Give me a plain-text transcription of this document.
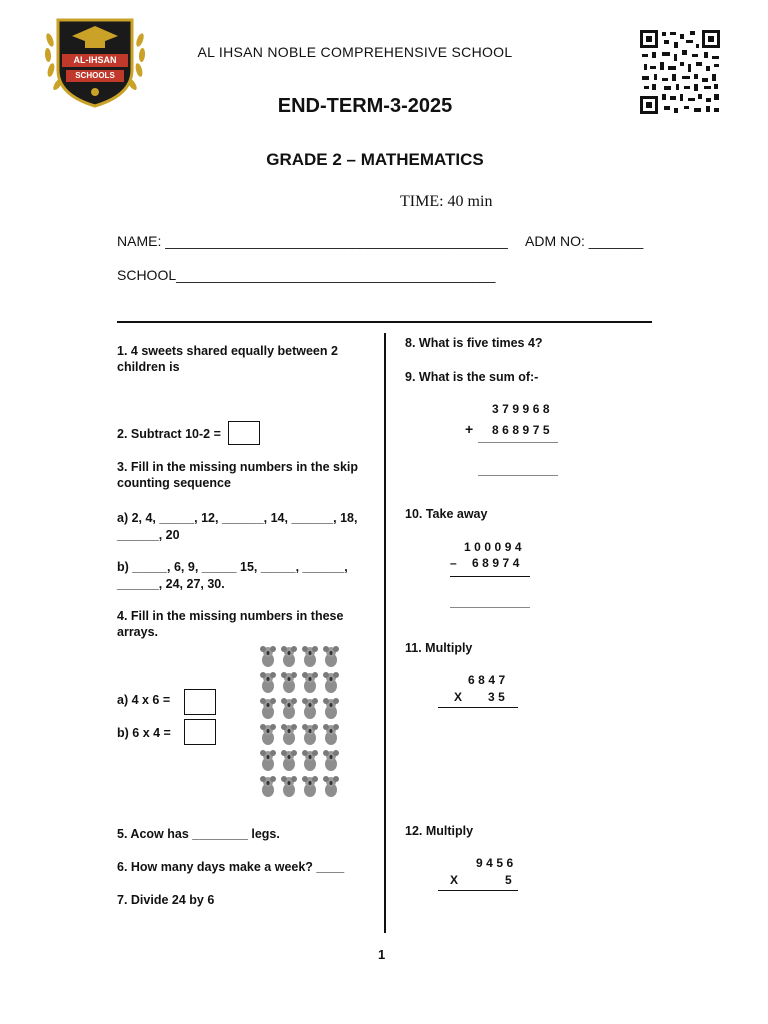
AL-IHSAN
SCHOOLS
AL IHSAN NOBLE COMPREHENSIVE SCHOOL
END-TERM-3-2025
GRADE 2 – MATHEMATICS
TIME: 40 min
NAME: ____________________________________________ ADM NO: _______
SCHOOL_________________________________________
1. 4 sweets shared equally between 2 children is
2. Subtract 10-2 =
3. Fill in the missing numbers in the skip counting sequence
a) 2, 4, _____, 12, ______, 14, ______, 18, ______, 20
b) _____, 6, 9, _____ 15, _____, ______, ______, 24, 27, 30.
4. Fill in the missing numbers in these arrays.
a) 4 x 6 =
b) 6 x 4 =
5. Acow has ________ legs.
6. How many days make a week? ____
7. Divide 24 by 6
8. What is five times 4?
9. What is the sum of:-
379968
+ 868975
10. Take away
100094
– 68974
11. Multiply
6847
X 35
12. Multiply
9456
X	5
1
